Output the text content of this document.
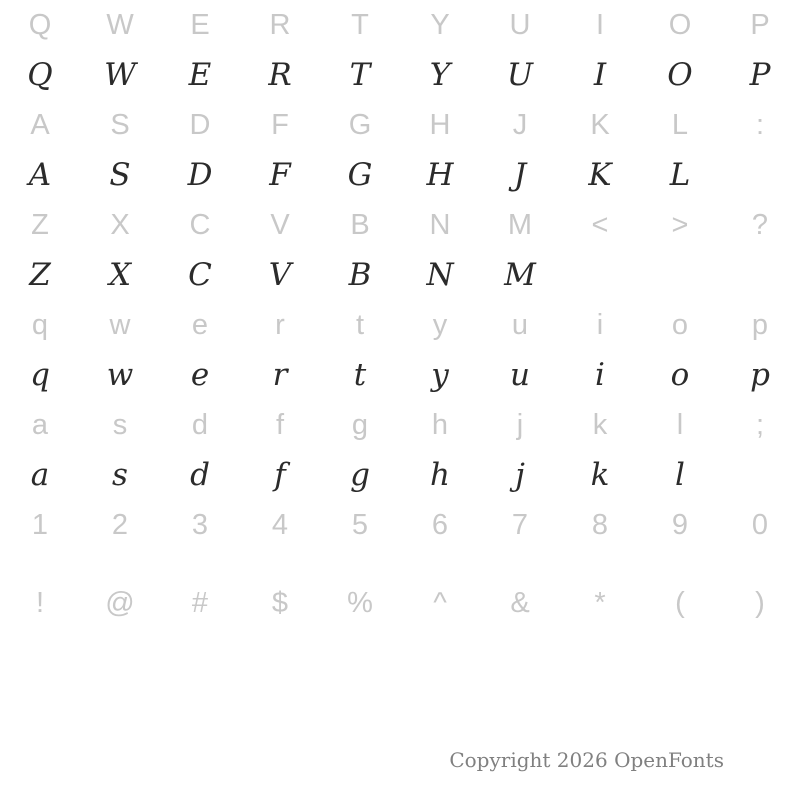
Q	W	E	R	T	Y	U	I	O	P
Q	W	E	R	T	Y	U	I	O	P
A	S	D	F	G	H	J	K	L	:
A	S	D	F	G	H	J	K	L
Z	X	C	V	B	N	M	<	>	?
Z	X	C	V	B	N	M
q	w	e	r	t	y	u	i	o	p
q	w	e	r	t	y	u	i	o	p
a	s	d	f	g	h	j	k	l	;
a	s	d	f	g	h	j	k	l
1	2	3	4	5	6	7	8	9	0
!	@	#	$	%	^	&	*	(	)
Copyright 2026 OpenFonts
